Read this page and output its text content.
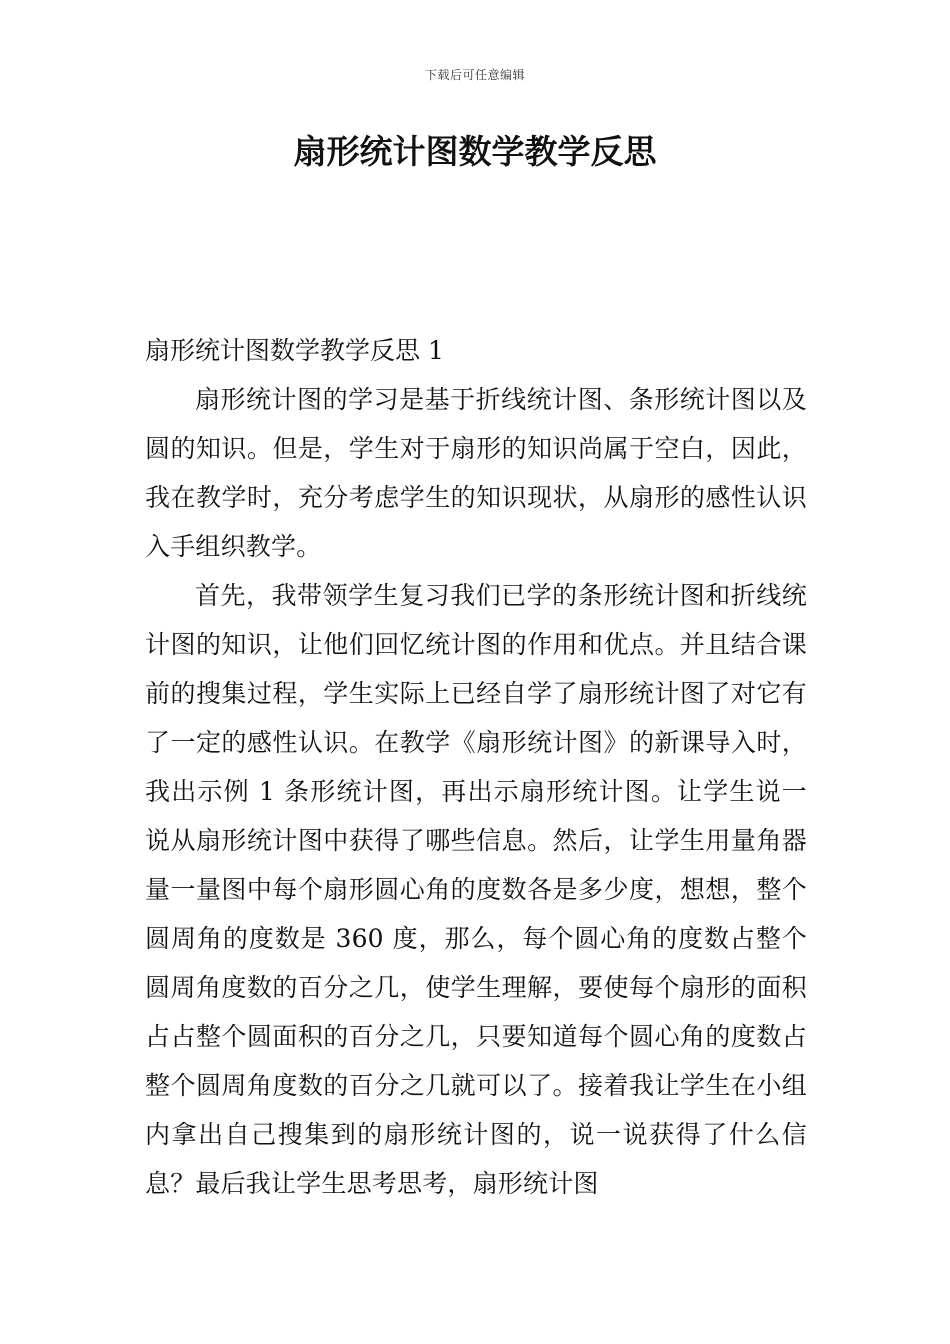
下载后可任意编辑
扇形统计图数学教学反思

扇形统计图数学教学反思 1

扇形统计图的学习是基于折线统计图、条形统计图以及圆的知识。但是，学生对于扇形的知识尚属于空白，因此，我在教学时，充分考虑学生的知识现状，从扇形的感性认识入手组织教学。

首先，我带领学生复习我们已学的条形统计图和折线统计图的知识，让他们回忆统计图的作用和优点。并且结合课前的搜集过程，学生实际上已经自学了扇形统计图了对它有了一定的感性认识。在教学《扇形统计图》的新课导入时，我出示例 1 条形统计图，再出示扇形统计图。让学生说一说从扇形统计图中获得了哪些信息。然后，让学生用量角器量一量图中每个扇形圆心角的度数各是多少度，想想，整个圆周角的度数是 360 度，那么，每个圆心角的度数占整个圆周角度数的百分之几，使学生理解，要使每个扇形的面积占占整个圆面积的百分之几，只要知道每个圆心角的度数占整个圆周角度数的百分之几就可以了。接着我让学生在小组内拿出自己搜集到的扇形统计图的，说一说获得了什么信息？最后我让学生思考思考，扇形统计图
